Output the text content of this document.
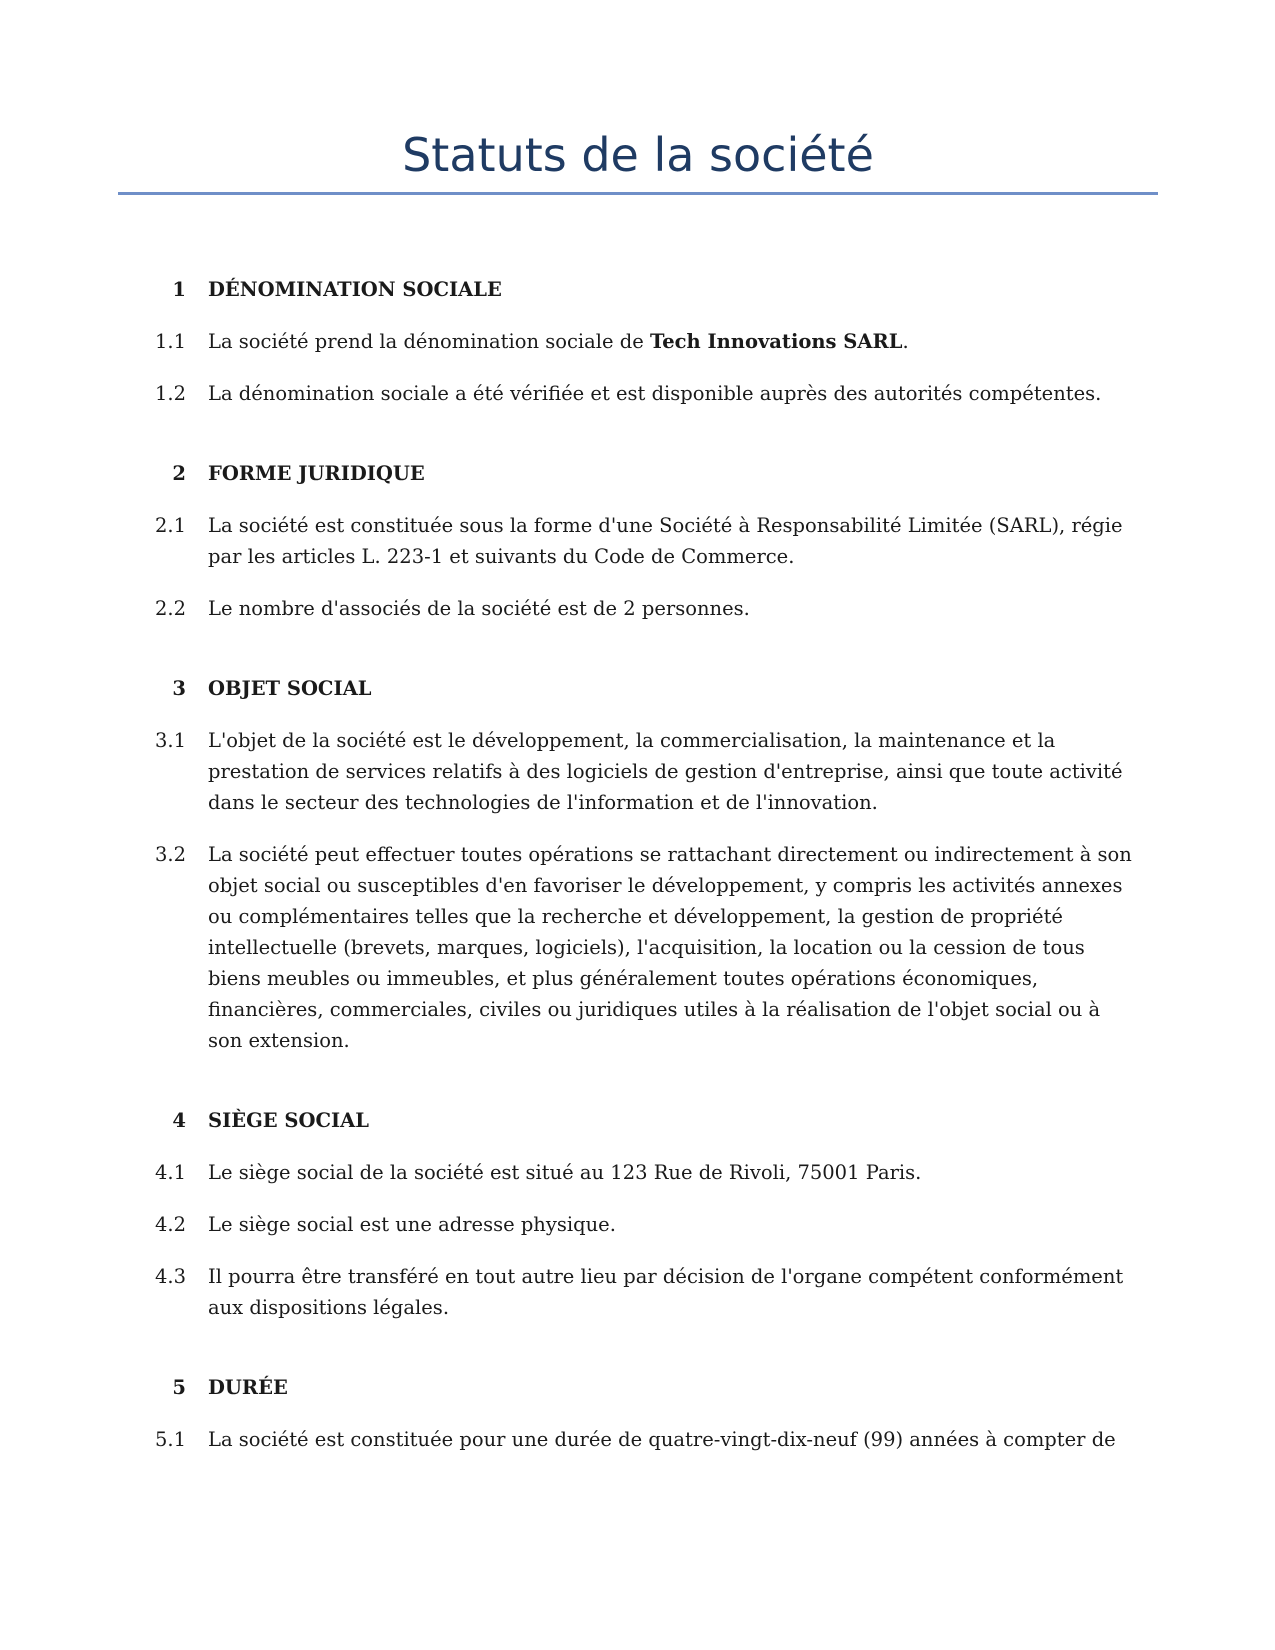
Statuts de la société
1	DÉNOMINATION SOCIALE
1.1	La société prend la dénomination sociale de Tech Innovations SARL.
1.2	La dénomination sociale a été vérifiée et est disponible auprès des autorités compétentes.
2	FORME JURIDIQUE
2.1	La société est constituée sous la forme d'une Société à Responsabilité Limitée (SARL), régie par les articles L. 223-1 et suivants du Code de Commerce.
2.2	Le nombre d'associés de la société est de 2 personnes.
3	OBJET SOCIAL
3.1	L'objet de la société est le développement, la commercialisation, la maintenance et la prestation de services relatifs à des logiciels de gestion d'entreprise, ainsi que toute activité dans le secteur des technologies de l'information et de l'innovation.
3.2	La société peut effectuer toutes opérations se rattachant directement ou indirectement à son objet social ou susceptibles d'en favoriser le développement, y compris les activités annexes ou complémentaires telles que la recherche et développement, la gestion de propriété intellectuelle (brevets, marques, logiciels), l'acquisition, la location ou la cession de tous biens meubles ou immeubles, et plus généralement toutes opérations économiques, financières, commerciales, civiles ou juridiques utiles à la réalisation de l'objet social ou à son extension.
4	SIÈGE SOCIAL
4.1	Le siège social de la société est situé au 123 Rue de Rivoli, 75001 Paris.
4.2	Le siège social est une adresse physique.
4.3	Il pourra être transféré en tout autre lieu par décision de l'organe compétent conformément aux dispositions légales.
5	DURÉE
5.1	La société est constituée pour une durée de quatre-vingt-dix-neuf (99) années à compter de
